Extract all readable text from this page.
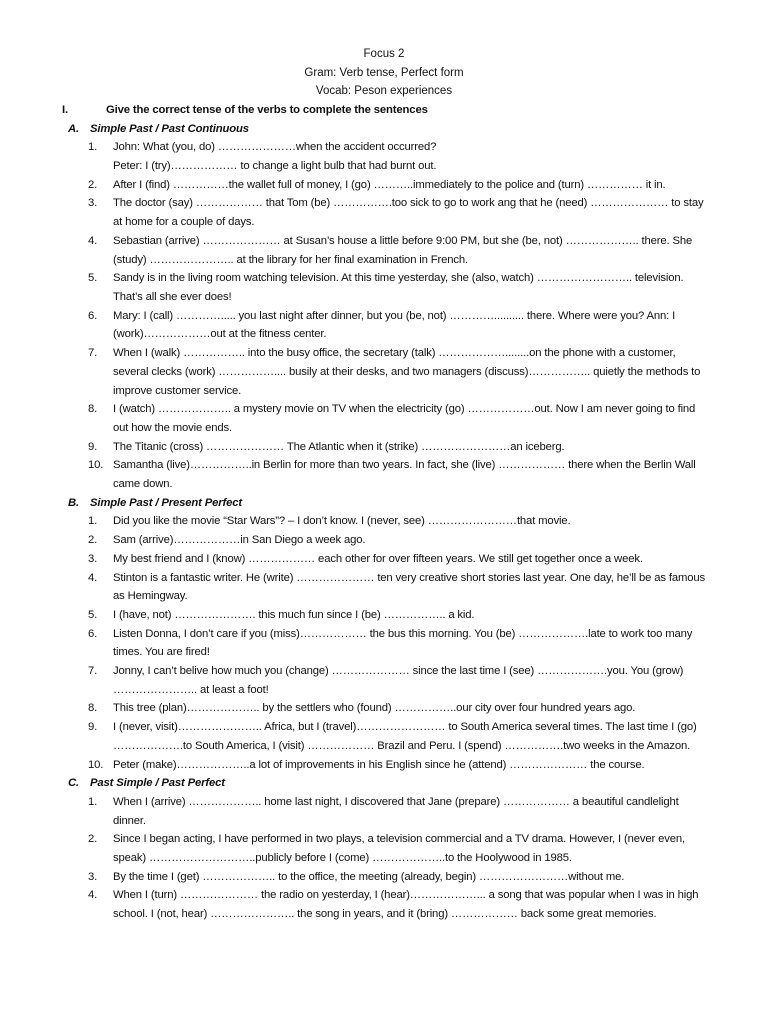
Focus 2
Gram: Verb tense, Perfect form
Vocab: Peson experiences
I.	Give the correct tense of the verbs to complete the sentences
A. Simple Past / Past Continuous
1. John: What (you, do) …………………when the accident occurred?
Peter: I (try)……………… to change a light bulb that had burnt out.
2. After I (find) ……………the wallet full of money, I (go) ………..immediately to the police and (turn) …………… it in.
3. The doctor (say) ……………… that Tom (be) …………….too sick to go to work ang that he (need) ………………… to stay
at home for a couple of days.
4. Sebastian (arrive) ………………… at Susan’s house a little before 9:00 PM, but she (be, not) ……………….. there. She
(study) ………………….. at the library for her final examination in French.
5. Sandy is in the living room watching television. At this time yesterday, she (also, watch) …………………….. television.
That’s all she ever does!
6. Mary: I (call) …………..... you last night after dinner, but you (be, not) ………….......... there. Where were you? Ann: I
(work)………………out at the fitness center.
7. When I (walk) …………….. into the busy office, the secretary (talk) ………………........on the phone with a customer,
several clecks (work) …………….... busily at their desks, and two managers (discuss)…………….. quietly the methods to
improve customer service.
8. I (watch) ……………….. a mystery movie on TV when the electricity (go) ………………out. Now I am never going to find
out how the movie ends.
9. The Titanic (cross) ………………… The Atlantic when it (strike) ……………………an iceberg.
10. Samantha (live)……………..in Berlin for more than two years. In fact, she (live) ……………… there when the Berlin Wall
came down.
B. Simple Past / Present Perfect
1. Did you like the movie “Star Wars”? – I don’t know. I (never, see) ……………………that movie.
2. Sam (arrive)………………in San Diego a week ago.
3. My best friend and I (know) ……………… each other for over fifteen years. We still get together once a week.
4. Stinton is a fantastic writer. He (write) ………………… ten very creative short stories last year. One day, he’ll be as famous
as Hemingway.
5. I (have, not) …………………. this much fun since I (be) …………….. a kid.
6. Listen Donna, I don’t care if you (miss)……………… the bus this morning. You (be) ……………….late to work too many
times. You are fired!
7. Jonny, I can’t belive how much you (change) ………………… since the last time I (see) ……………….you. You (grow)
………………….. at least a foot!
8. This tree (plan)……………….. by the settlers who (found) ……………..our city over four hundred years ago.
9. I (never, visit)………………….. Africa, but I (travel)…………………… to South America several times. The last time I (go)
……………….to South America, I (visit) ……………… Brazil and Peru. I (spend) …………….two weeks in the Amazon.
10. Peter (make)………………..a lot of improvements in his English since he (attend) ………………… the course.
C. Past Simple / Past Perfect
1. When I (arrive) ……………….. home last night, I discovered that Jane (prepare) ……………… a beautiful candlelight
dinner.
2. Since I began acting, I have performed in two plays, a television commercial and a TV drama. However, I (never even,
speak) ………………………..publicly before I (come) ………………..to the Hoolywood in 1985.
3. By the time I (get) ……………….. to the office, the meeting (already, begin) ……………………without me.
4. When I (turn) ………………… the radio on yesterday, I (hear)………………... a song that was popular when I was in high
school. I (not, hear) ………………….. the song in years, and it (bring) ……………… back some great memories.
